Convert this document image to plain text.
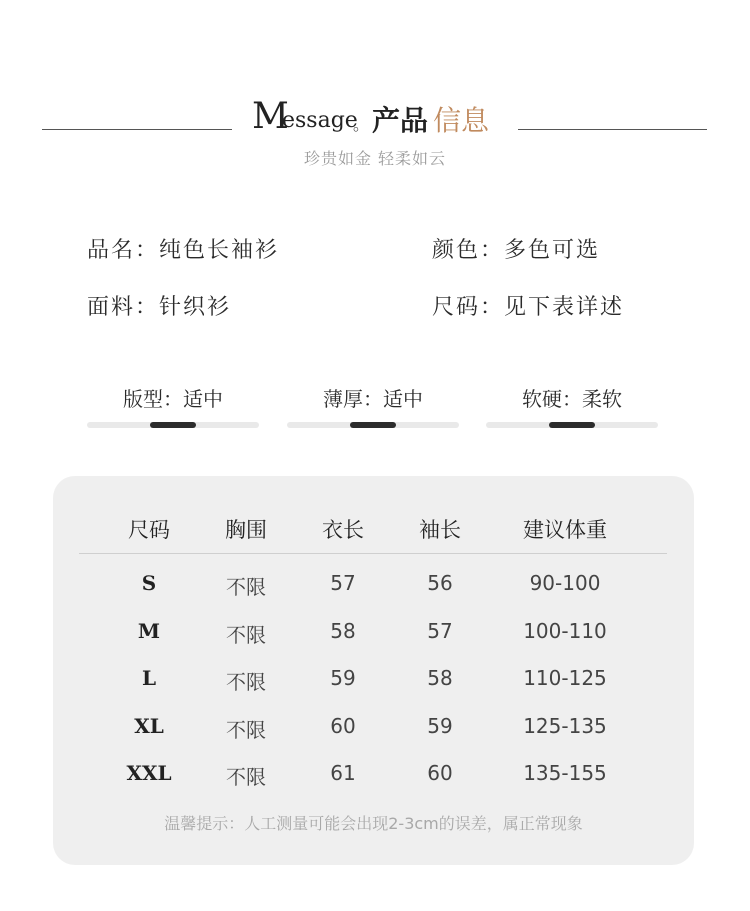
M
essage
。 产品 信息
珍贵如金 轻柔如云
品名：纯色长袖衫	颜色：多色可选
面料：针织衫	尺码：见下表详述
版型：适中	薄厚：适中	软硬：柔软
尺码	胸围	衣长	袖长	建议体重
S	不限	57	56	90-100
M	不限	58	57	100-110
L	不限	59	58	110-125
XL	不限	60	59	125-135
XXL	不限	61	60	135-155
温馨提示：人工测量可能会出现2-3cm的误差，属正常现象
